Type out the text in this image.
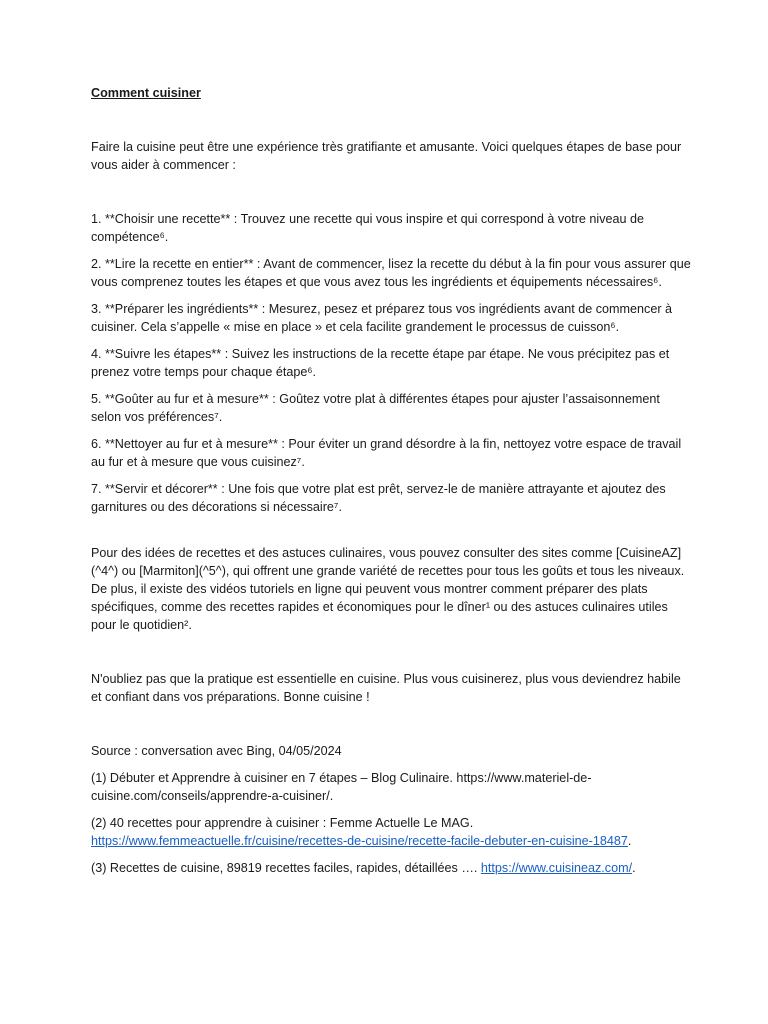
Comment cuisiner

Faire la cuisine peut être une expérience très gratifiante et amusante. Voici quelques étapes de base pour vous aider à commencer :

1. **Choisir une recette** : Trouvez une recette qui vous inspire et qui correspond à votre niveau de compétence⁶.

2. **Lire la recette en entier** : Avant de commencer, lisez la recette du début à la fin pour vous assurer que vous comprenez toutes les étapes et que vous avez tous les ingrédients et équipements nécessaires⁶.

3. **Préparer les ingrédients** : Mesurez, pesez et préparez tous vos ingrédients avant de commencer à cuisiner. Cela s’appelle « mise en place » et cela facilite grandement le processus de cuisson⁶.

4. **Suivre les étapes** : Suivez les instructions de la recette étape par étape. Ne vous précipitez pas et prenez votre temps pour chaque étape⁶.

5. **Goûter au fur et à mesure** : Goûtez votre plat à différentes étapes pour ajuster l’assaisonnement selon vos préférences⁷.

6. **Nettoyer au fur et à mesure** : Pour éviter un grand désordre à la fin, nettoyez votre espace de travail au fur et à mesure que vous cuisinez⁷.

7. **Servir et décorer** : Une fois que votre plat est prêt, servez-le de manière attrayante et ajoutez des garnitures ou des décorations si nécessaire⁷.

Pour des idées de recettes et des astuces culinaires, vous pouvez consulter des sites comme [CuisineAZ](^4^) ou [Marmiton](^5^), qui offrent une grande variété de recettes pour tous les goûts et tous les niveaux. De plus, il existe des vidéos tutoriels en ligne qui peuvent vous montrer comment préparer des plats spécifiques, comme des recettes rapides et économiques pour le dîner¹ ou des astuces culinaires utiles pour le quotidien².

N'oubliez pas que la pratique est essentielle en cuisine. Plus vous cuisinerez, plus vous deviendrez habile et confiant dans vos préparations. Bonne cuisine !

Source : conversation avec Bing, 04/05/2024

(1) Débuter et Apprendre à cuisiner en 7 étapes – Blog Culinaire. https://www.materiel-de-cuisine.com/conseils/apprendre-a-cuisiner/.

(2) 40 recettes pour apprendre à cuisiner : Femme Actuelle Le MAG. https://www.femmeactuelle.fr/cuisine/recettes-de-cuisine/recette-facile-debuter-en-cuisine-18487.

(3) Recettes de cuisine, 89819 recettes faciles, rapides, détaillées …. https://www.cuisineaz.com/.
